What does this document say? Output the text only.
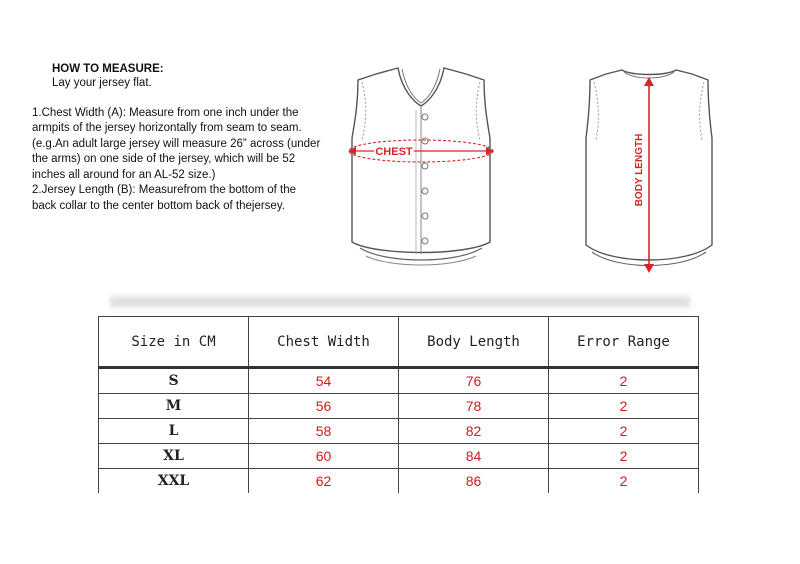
HOW TO MEASURE:
Lay your jersey flat.

1.Chest Width (A): Measure from one inch under the armpits of the jersey horizontally from seam to seam.

(e.g.An adult large jersey will measure 26” across (under the arms) on one side of the jersey, which will be 52 inches all around for an AL-52 size.)

2.Jersey Length (B): Measurefrom the bottom of the back collar to the center bottom back of thejersey.

CHEST	BODY LENGTH
Size in CM	Chest Width	Body Length	Error Range
S	54	76	2
M	56	78	2
L	58	82	2
XL	60	84	2
XXL	62	86	2
